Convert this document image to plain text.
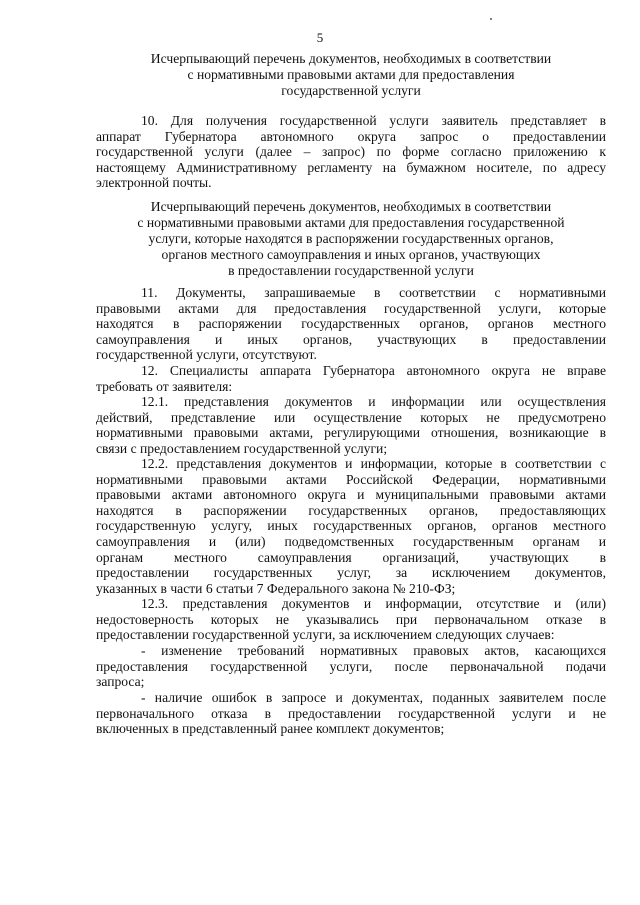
5
Исчерпывающий перечень документов, необходимых в соответствии
с нормативными правовыми актами для предоставления
государственной услуги
10. Для получения государственной услуги заявитель представляет в
аппарат Губернатора автономного округа запрос о предоставлении
государственной услуги (далее – запрос) по форме согласно приложению к
настоящему Административному регламенту на бумажном носителе, по адресу
электронной почты.
Исчерпывающий перечень документов, необходимых в соответствии
с нормативными правовыми актами для предоставления государственной
услуги, которые находятся в распоряжении государственных органов,
органов местного самоуправления и иных органов, участвующих
в предоставлении государственной услуги
11. Документы, запрашиваемые в соответствии с нормативными
правовыми актами для предоставления государственной услуги, которые
находятся в распоряжении государственных органов, органов местного
самоуправления и иных органов, участвующих в предоставлении
государственной услуги, отсутствуют.
12. Специалисты аппарата Губернатора автономного округа не вправе
требовать от заявителя:
12.1. представления документов и информации или осуществления
действий, представление или осуществление которых не предусмотрено
нормативными правовыми актами, регулирующими отношения, возникающие в
связи с предоставлением государственной услуги;
12.2. представления документов и информации, которые в соответствии с
нормативными правовыми актами Российской Федерации, нормативными
правовыми актами автономного округа и муниципальными правовыми актами
находятся в распоряжении государственных органов, предоставляющих
государственную услугу, иных государственных органов, органов местного
самоуправления и (или) подведомственных государственным органам и
органам местного самоуправления организаций, участвующих в
предоставлении государственных услуг, за исключением документов,
указанных в части 6 статьи 7 Федерального закона № 210-ФЗ;
12.3. представления документов и информации, отсутствие и (или)
недостоверность которых не указывались при первоначальном отказе в
предоставлении государственной услуги, за исключением следующих случаев:
- изменение требований нормативных правовых актов, касающихся
предоставления государственной услуги, после первоначальной подачи
запроса;
- наличие ошибок в запросе и документах, поданных заявителем после
первоначального отказа в предоставлении государственной услуги и не
включенных в представленный ранее комплект документов;
